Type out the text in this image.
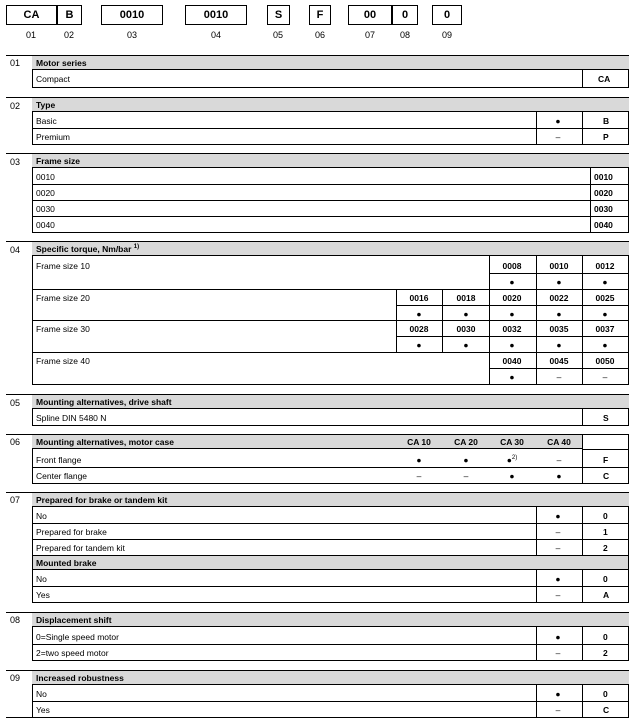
CA	B	0010	0010	S	F	00	0	0
01	02	03	04	05	06	07	08	09
01 Motor series
Compact	CA
02 Type
Basic	●	B
Premium	–	P
03 Frame size
0010	0010
0020	0020
0030	0030
0040	0040
04 Specific torque, Nm/bar $^{1)}$
Frame size 10	0008	0010	0012
●	●	●
Frame size 20	0016	0018	0020	0022	0025
●	●	●	●	●
Frame size 30	0028	0030	0032	0035	0037
●	●	●	●	●
Frame size 40	0040	0045	0050
●	–	–
05 Mounting alternatives, drive shaft
Spline DIN 5480 N	S
06 Mounting alternatives, motor case	CA 10	CA 20	CA 30	CA 40
Front flange	●	●	●$^{2)}$	–	F
Center flange	–	–	●	●	C
07 Prepared for brake or tandem kit
No	●	0
Prepared for brake	–	1
Prepared for tandem kit	–	2
Mounted brake
No	●	0
Yes	–	A
08 Displacement shift
0=Single speed motor	●	0
2=two speed motor	–	2
09 Increased robustness
No	●	0
Yes	–	C
